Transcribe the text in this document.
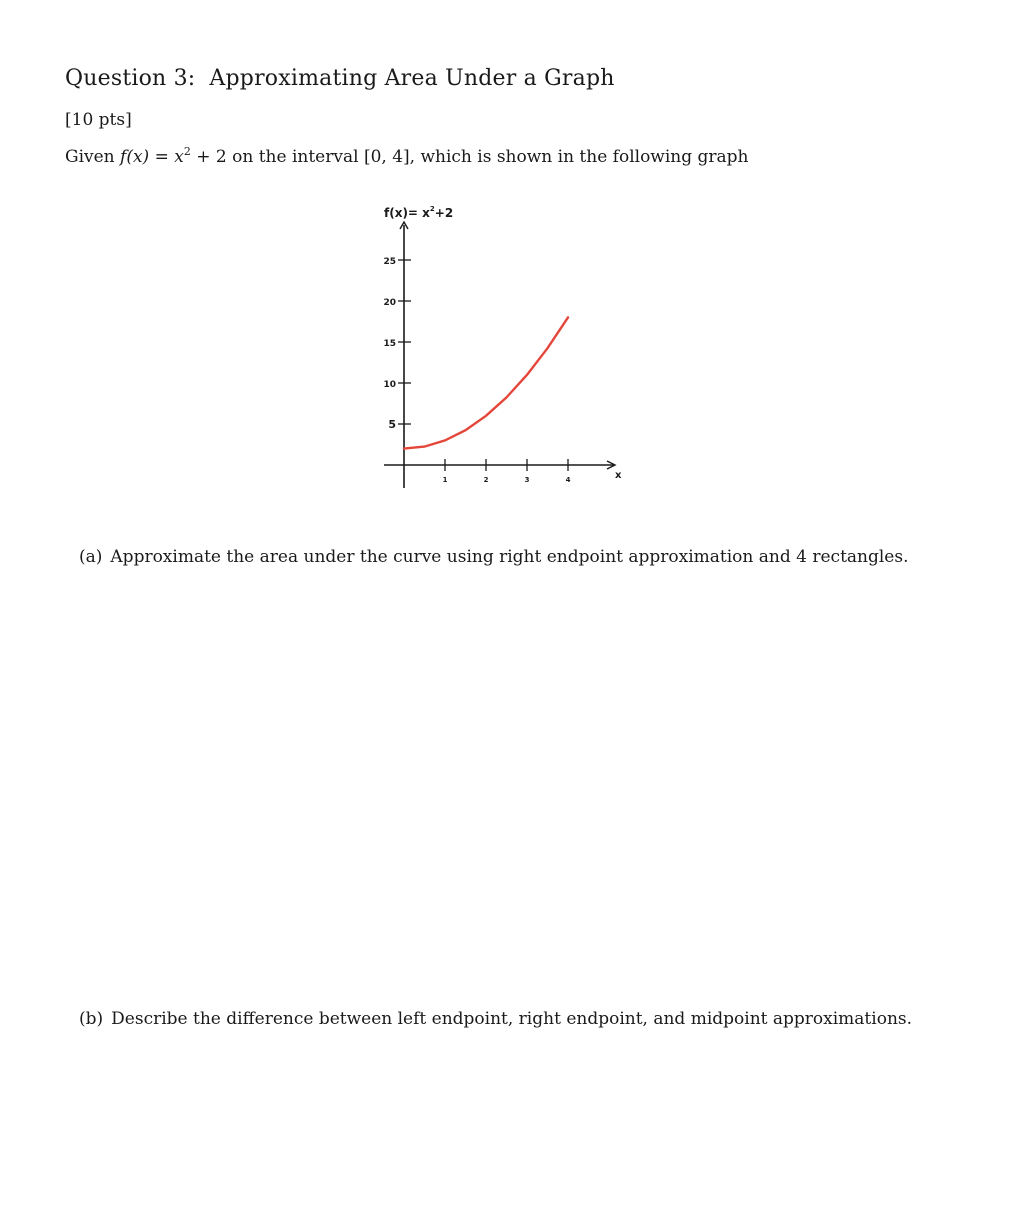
Question 3: Approximating Area Under a Graph
[10 pts]
Given $f(x) = x^2 + 2$ on the interval [0, 4], which is shown in the following graph
$f(x)= x^2+2$
x
5
10
15
20
25
1	2	3	4
(a) Approximate the area under the curve using right endpoint approximation and 4 rectangles.
(b) Describe the difference between left endpoint, right endpoint, and midpoint approximations.
